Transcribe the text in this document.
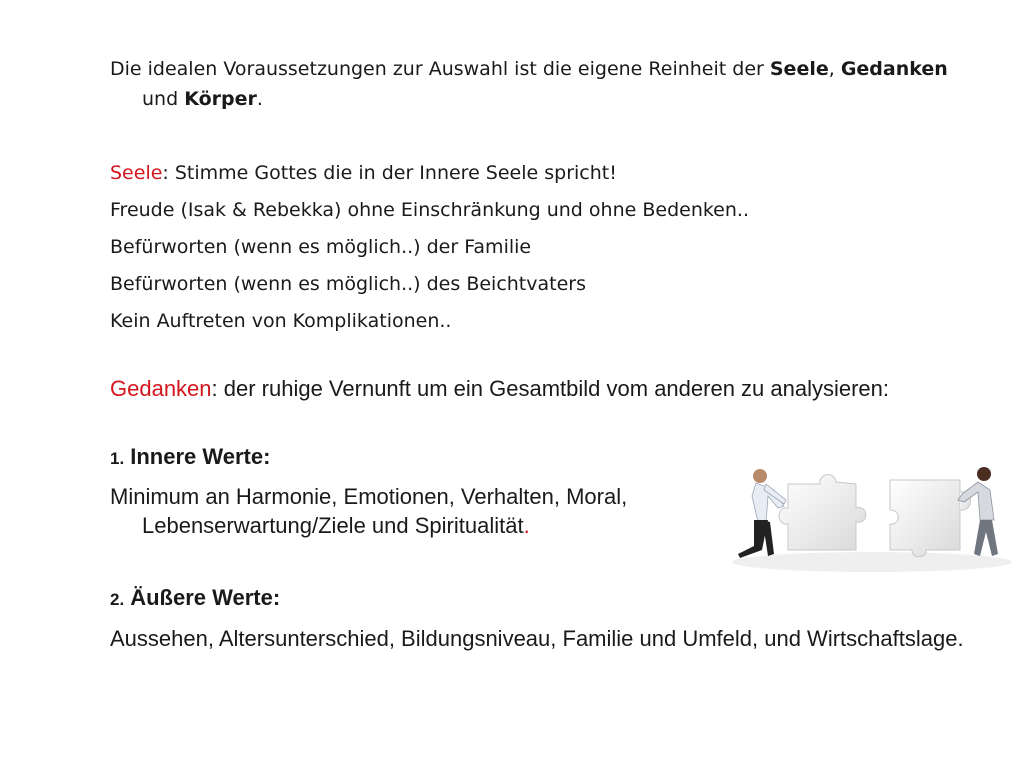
Die idealen Voraussetzungen zur Auswahl ist die eigene Reinheit der Seele, Gedanken und Körper.

Seele: Stimme Gottes die in der Innere Seele spricht!

Freude (Isak & Rebekka) ohne Einschränkung und ohne Bedenken..

Befürworten (wenn es möglich..) der Familie

Befürworten (wenn es möglich..) des Beichtvaters

Kein Auftreten von Komplikationen..

Gedanken: der ruhige Vernunft um ein Gesamtbild vom anderen zu analysieren:

1. Innere Werte:

Minimum an Harmonie, Emotionen, Verhalten, Moral, Lebenserwartung/Ziele und Spiritualität.

2. Äußere Werte:

Aussehen, Altersunterschied, Bildungsniveau, Familie und Umfeld, und Wirtschaftslage.
